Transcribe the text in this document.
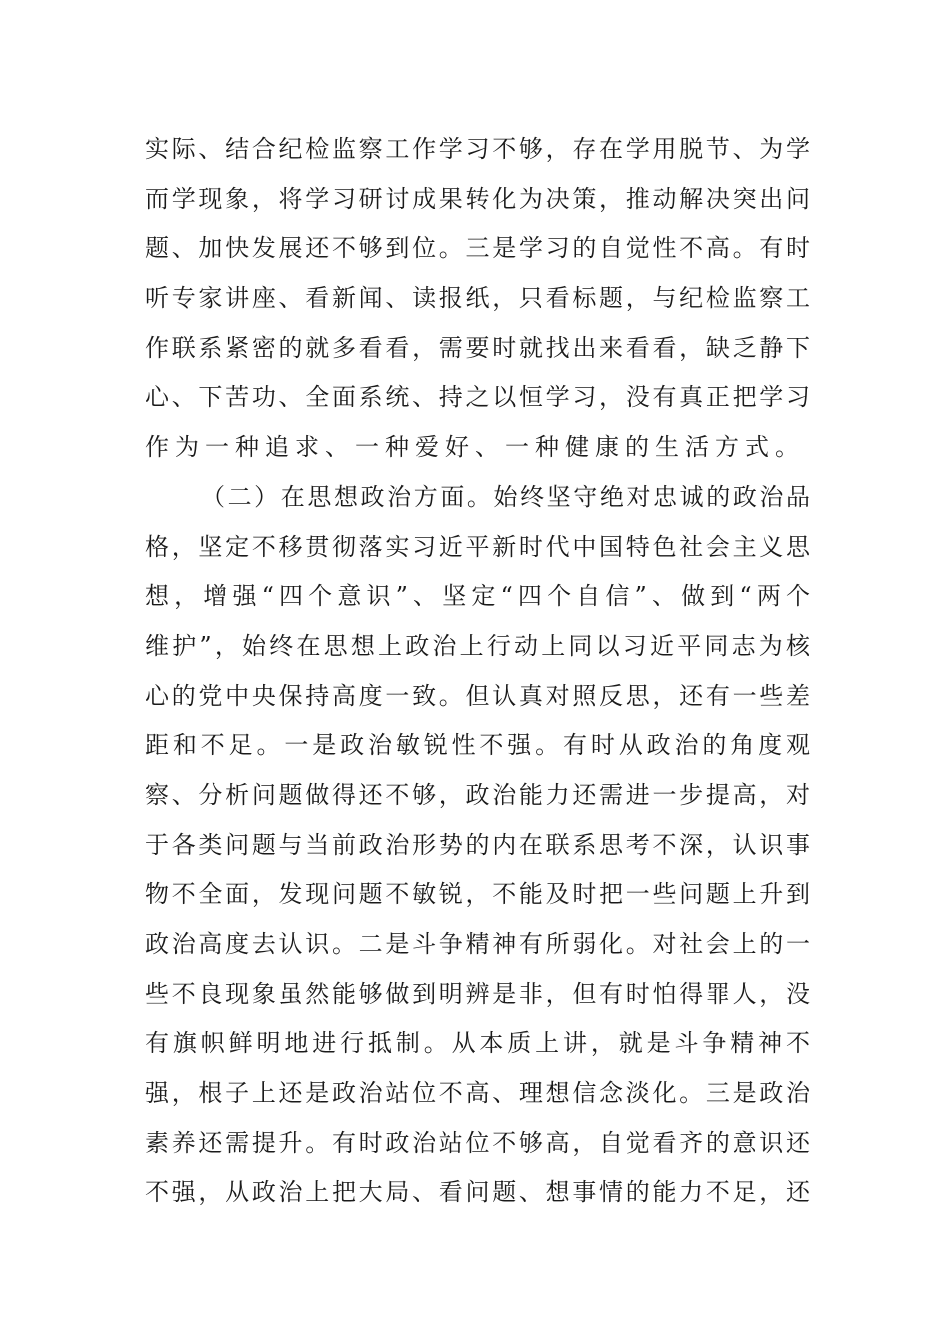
实际、结合纪检监察工作学习不够，存在学用脱节、为学
而学现象，将学习研讨成果转化为决策，推动解决突出问
题、加快发展还不够到位。三是学习的自觉性不高。有时
听专家讲座、看新闻、读报纸，只看标题，与纪检监察工
作联系紧密的就多看看，需要时就找出来看看，缺乏静下
心、下苦功、全面系统、持之以恒学习，没有真正把学习
作为一种追求、一种爱好、一种健康的生活方式。
（二）在思想政治方面。始终坚守绝对忠诚的政治品
格，坚定不移贯彻落实习近平新时代中国特色社会主义思
想，增强“四个意识”、坚定“四个自信”、做到“两个
维护”，始终在思想上政治上行动上同以习近平同志为核
心的党中央保持高度一致。但认真对照反思，还有一些差
距和不足。一是政治敏锐性不强。有时从政治的角度观
察、分析问题做得还不够，政治能力还需进一步提高，对
于各类问题与当前政治形势的内在联系思考不深，认识事
物不全面，发现问题不敏锐，不能及时把一些问题上升到
政治高度去认识。二是斗争精神有所弱化。对社会上的一
些不良现象虽然能够做到明辨是非，但有时怕得罪人，没
有旗帜鲜明地进行抵制。从本质上讲，就是斗争精神不
强，根子上还是政治站位不高、理想信念淡化。三是政治
素养还需提升。有时政治站位不够高，自觉看齐的意识还
不强，从政治上把大局、看问题、想事情的能力不足，还
